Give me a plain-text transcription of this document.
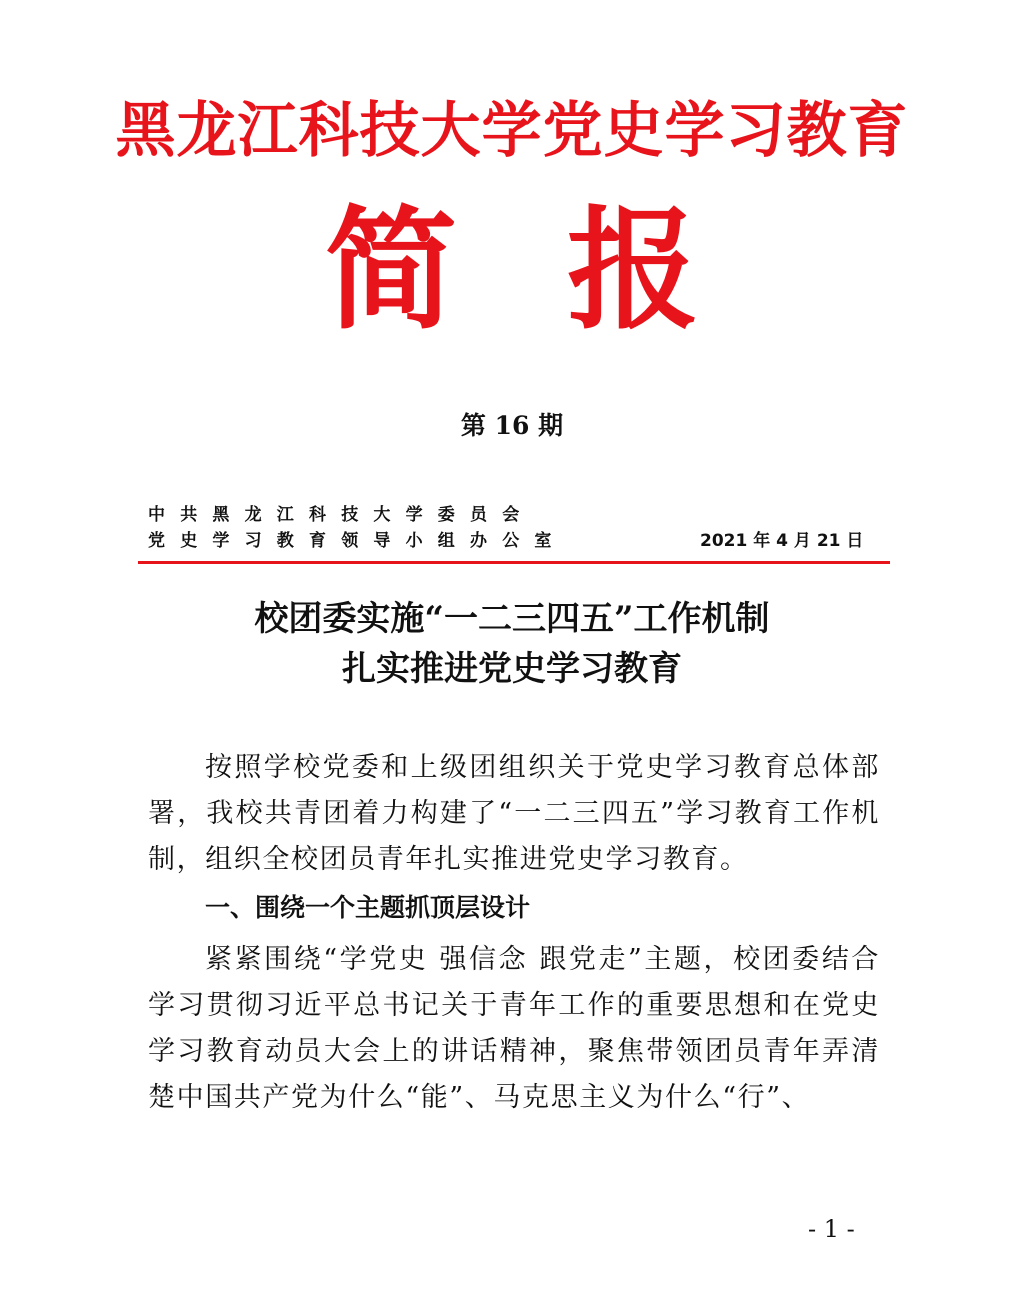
黑龙江科技大学党史学习教育
简 报
第 16 期
中共黑龙江科技大学委员会
党史学习教育领导小组办公室	2021 年 4 月 21 日
校团委实施“一二三四五”工作机制
扎实推进党史学习教育

按照学校党委和上级团组织关于党史学习教育总体部署，我校共青团着力构建了“一二三四五”学习教育工作机制，组织全校团员青年扎实推进党史学习教育。

一、围绕一个主题抓顶层设计

紧紧围绕“学党史 强信念 跟党走”主题，校团委结合学习贯彻习近平总书记关于青年工作的重要思想和在党史学习教育动员大会上的讲话精神，聚焦带领团员青年弄清楚中国共产党为什么“能”、马克思主义为什么“行”、

- 1 -
